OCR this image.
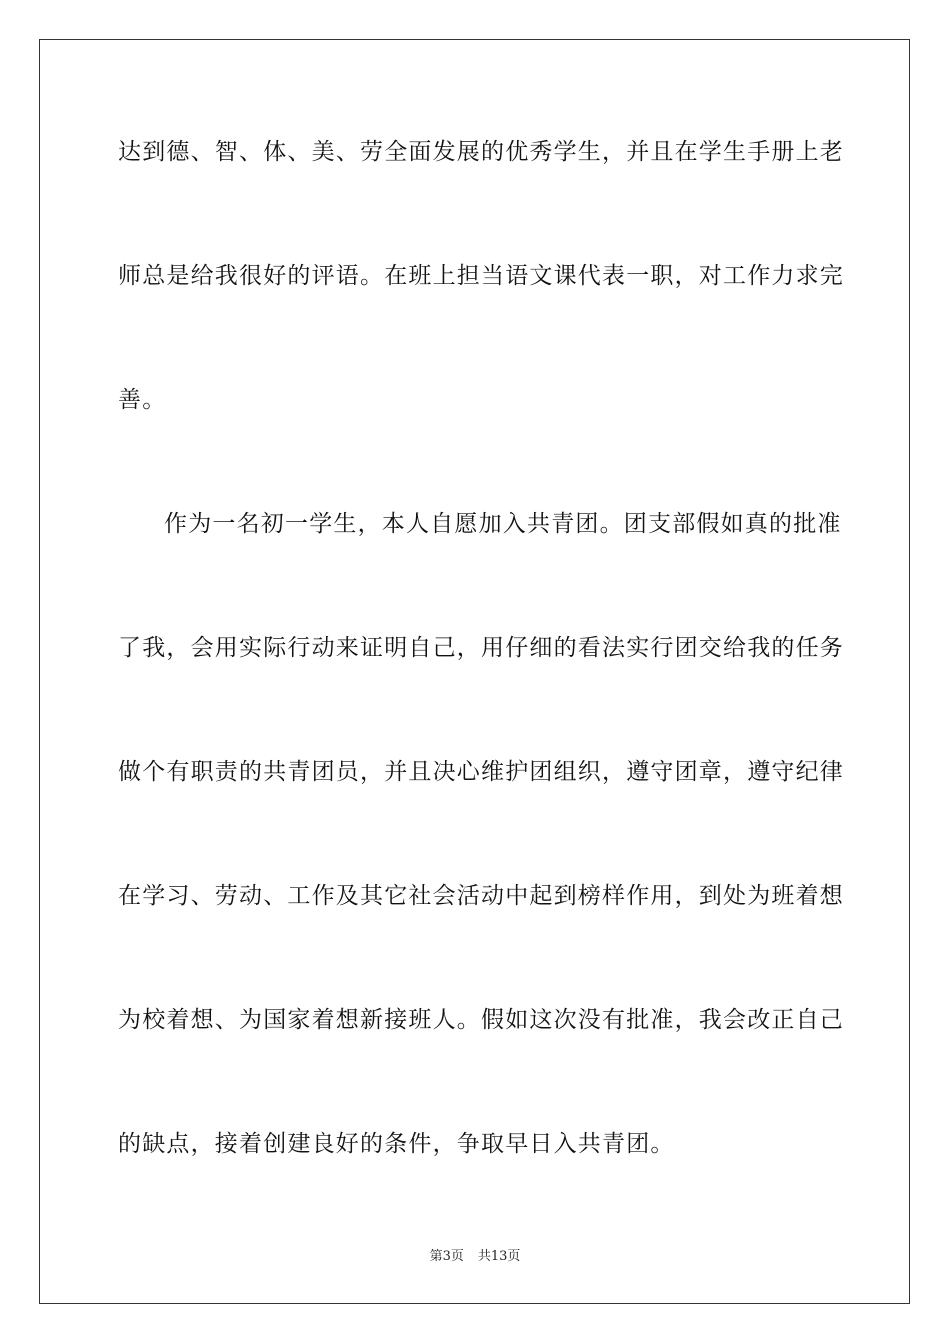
达到德、智、体、美、劳全面发展的优秀学生，并且在学生手册上老
师总是给我很好的评语。在班上担当语文课代表一职，对工作力求完
善。
作为一名初一学生，本人自愿加入共青团。团支部假如真的批准
了我，会用实际行动来证明自己，用仔细的看法实行团交给我的任务
做个有职责的共青团员，并且决心维护团组织，遵守团章，遵守纪律
在学习、劳动、工作及其它社会活动中起到榜样作用，到处为班着想
为校着想、为国家着想新接班人。假如这次没有批准，我会改正自己
的缺点，接着创建良好的条件，争取早日入共青团。
第3页 共13页
